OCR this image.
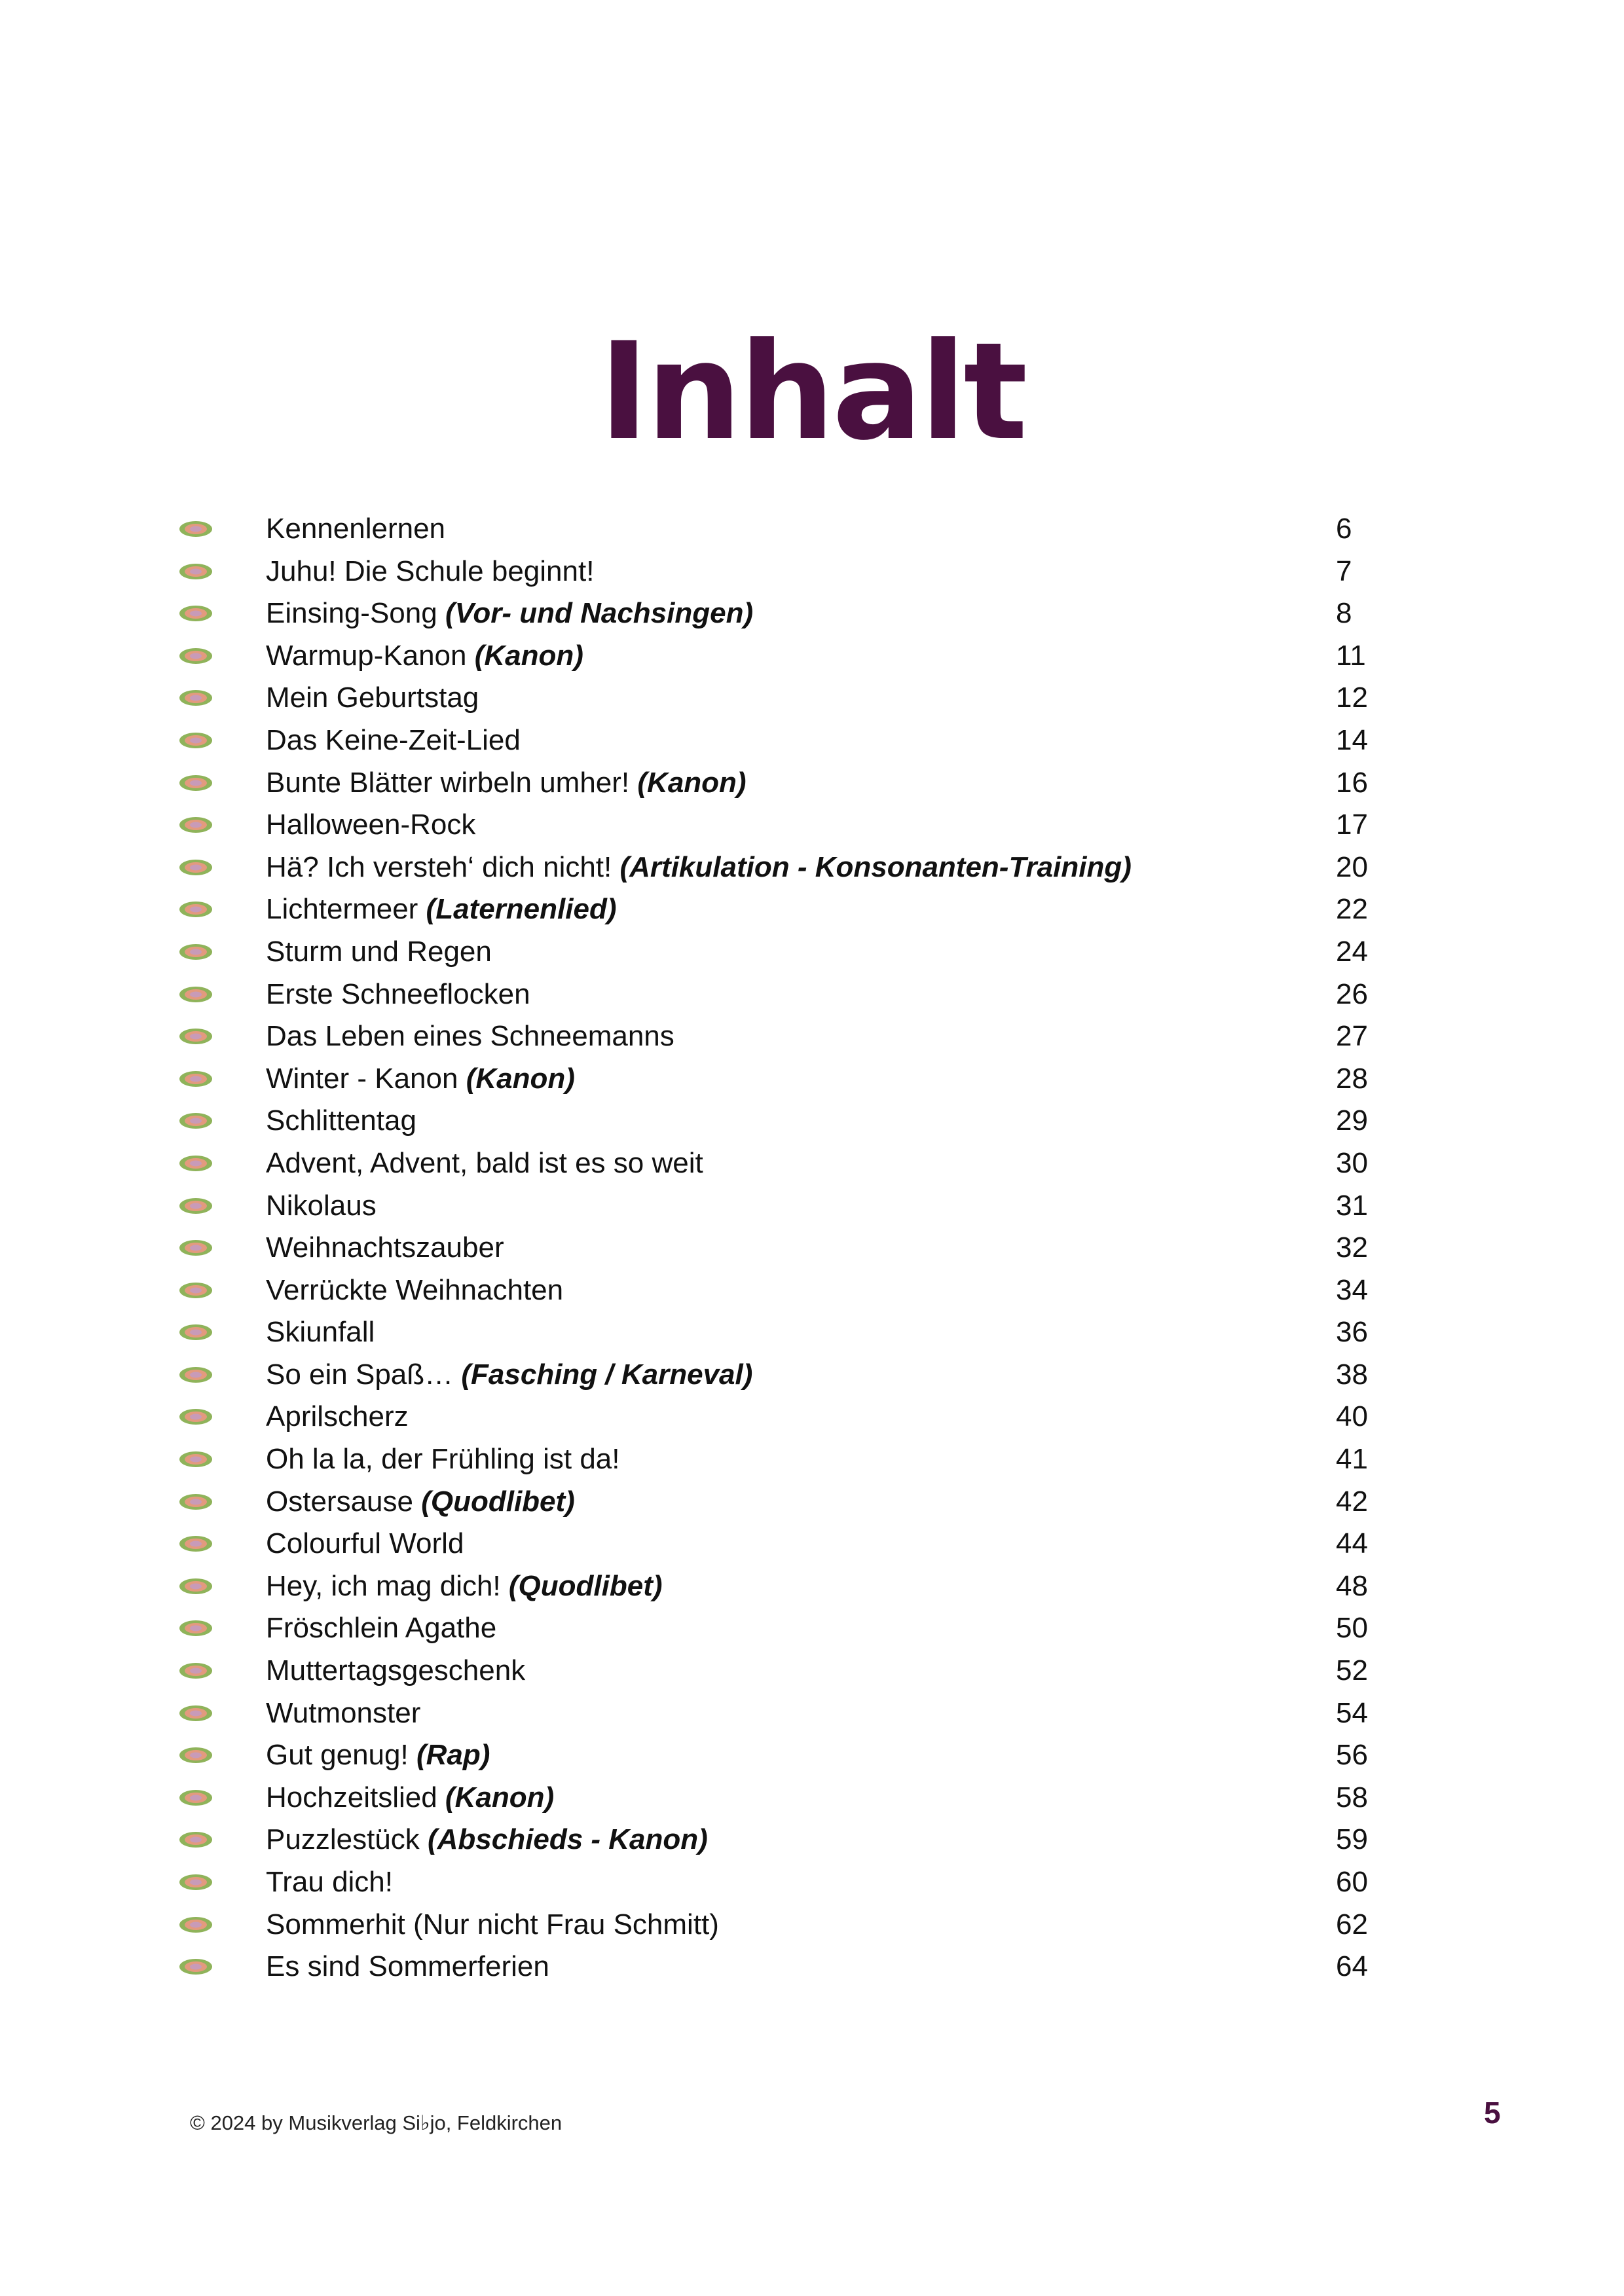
Inhalt
Kennenlernen	6
Juhu! Die Schule beginnt!	7
Einsing-Song (Vor- und Nachsingen)	8
Warmup-Kanon (Kanon)	11
Mein Geburtstag	12
Das Keine-Zeit-Lied	14
Bunte Blätter wirbeln umher! (Kanon)	16
Halloween-Rock	17
Hä? Ich versteh‘ dich nicht! (Artikulation - Konsonanten-Training)	20
Lichtermeer (Laternenlied)	22
Sturm und Regen	24
Erste Schneeflocken	26
Das Leben eines Schneemanns	27
Winter - Kanon (Kanon)	28
Schlittentag	29
Advent, Advent, bald ist es so weit	30
Nikolaus	31
Weihnachtszauber	32
Verrückte Weihnachten	34
Skiunfall	36
So ein Spaß… (Fasching / Karneval)	38
Aprilscherz	40
Oh la la, der Frühling ist da!	41
Ostersause (Quodlibet)	42
Colourful World	44
Hey, ich mag dich! (Quodlibet)	48
Fröschlein Agathe	50
Muttertagsgeschenk	52
Wutmonster	54
Gut genug! (Rap)	56
Hochzeitslied (Kanon)	58
Puzzlestück (Abschieds - Kanon)	59
Trau dich!	60
Sommerhit (Nur nicht Frau Schmitt)	62
Es sind Sommerferien	64
© 2024 by Musikverlag Si♭jo, Feldkirchen	5
